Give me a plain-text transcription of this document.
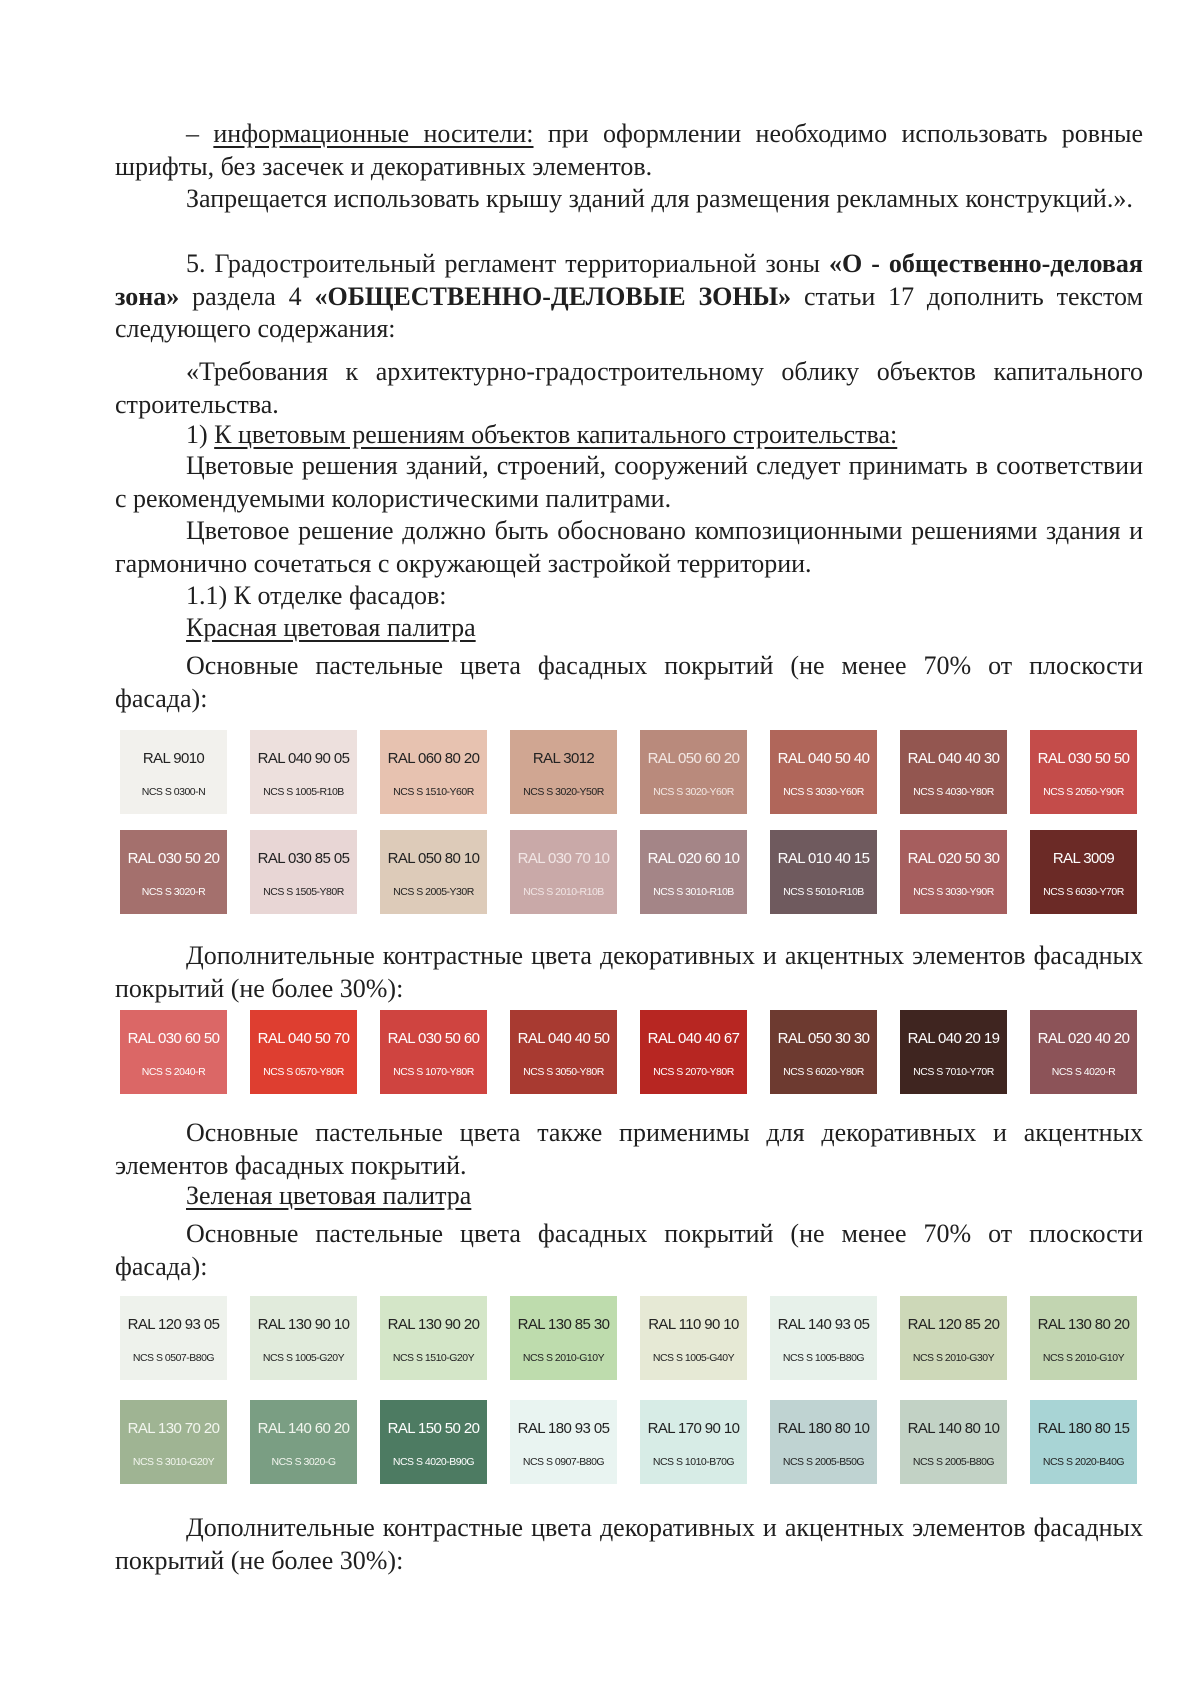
– информационные носители: при оформлении необходимо использовать ровные шрифты, без засечек и декоративных элементов.

Запрещается использовать крышу зданий для размещения рекламных конструкций.».

5. Градостроительный регламент территориальной зоны «О - общественно-деловая зона» раздела 4 «ОБЩЕСТВЕННО-ДЕЛОВЫЕ ЗОНЫ» статьи 17 дополнить текстом следующего содержания:

«Требования к архитектурно-градостроительному облику объектов капитального строительства.

1) К цветовым решениям объектов капитального строительства:

Цветовые решения зданий, строений, сооружений следует принимать в соответствии с рекомендуемыми колористическими палитрами.

Цветовое решение должно быть обосновано композиционными решениями здания и гармонично сочетаться с окружающей застройкой территории.

1.1) К отделке фасадов:

Красная цветовая палитра

Основные пастельные цвета фасадных покрытий (не менее 70% от плоскости фасада):

RAL 9010
NCS S 0300-N
RAL 040 90 05
NCS S 1005-R10B
RAL 060 80 20
NCS S 1510-Y60R
RAL 3012
NCS S 3020-Y50R
RAL 050 60 20
NCS S 3020-Y60R
RAL 040 50 40
NCS S 3030-Y60R
RAL 040 40 30
NCS S 4030-Y80R
RAL 030 50 50
NCS S 2050-Y90R
RAL 030 50 20
NCS S 3020-R
RAL 030 85 05
NCS S 1505-Y80R
RAL 050 80 10
NCS S 2005-Y30R
RAL 030 70 10
NCS S 2010-R10B
RAL 020 60 10
NCS S 3010-R10B
RAL 010 40 15
NCS S 5010-R10B
RAL 020 50 30
NCS S 3030-Y90R
RAL 3009
NCS S 6030-Y70R

Дополнительные контрастные цвета декоративных и акцентных элементов фасадных покрытий (не более 30%):

RAL 030 60 50
NCS S 2040-R
RAL 040 50 70
NCS S 0570-Y80R
RAL 030 50 60
NCS S 1070-Y80R
RAL 040 40 50
NCS S 3050-Y80R
RAL 040 40 67
NCS S 2070-Y80R
RAL 050 30 30
NCS S 6020-Y80R
RAL 040 20 19
NCS S 7010-Y70R
RAL 020 40 20
NCS S 4020-R

Основные пастельные цвета также применимы для декоративных и акцентных элементов фасадных покрытий.

Зеленая цветовая палитра

Основные пастельные цвета фасадных покрытий (не менее 70% от плоскости фасада):

RAL 120 93 05
NCS S 0507-B80G
RAL 130 90 10
NCS S 1005-G20Y
RAL 130 90 20
NCS S 1510-G20Y
RAL 130 85 30
NCS S 2010-G10Y
RAL 110 90 10
NCS S 1005-G40Y
RAL 140 93 05
NCS S 1005-B80G
RAL 120 85 20
NCS S 2010-G30Y
RAL 130 80 20
NCS S 2010-G10Y
RAL 130 70 20
NCS S 3010-G20Y
RAL 140 60 20
NCS S 3020-G
RAL 150 50 20
NCS S 4020-B90G
RAL 180 93 05
NCS S 0907-B80G
RAL 170 90 10
NCS S 1010-B70G
RAL 180 80 10
NCS S 2005-B50G
RAL 140 80 10
NCS S 2005-B80G
RAL 180 80 15
NCS S 2020-B40G

Дополнительные контрастные цвета декоративных и акцентных элементов фасадных покрытий (не более 30%):
